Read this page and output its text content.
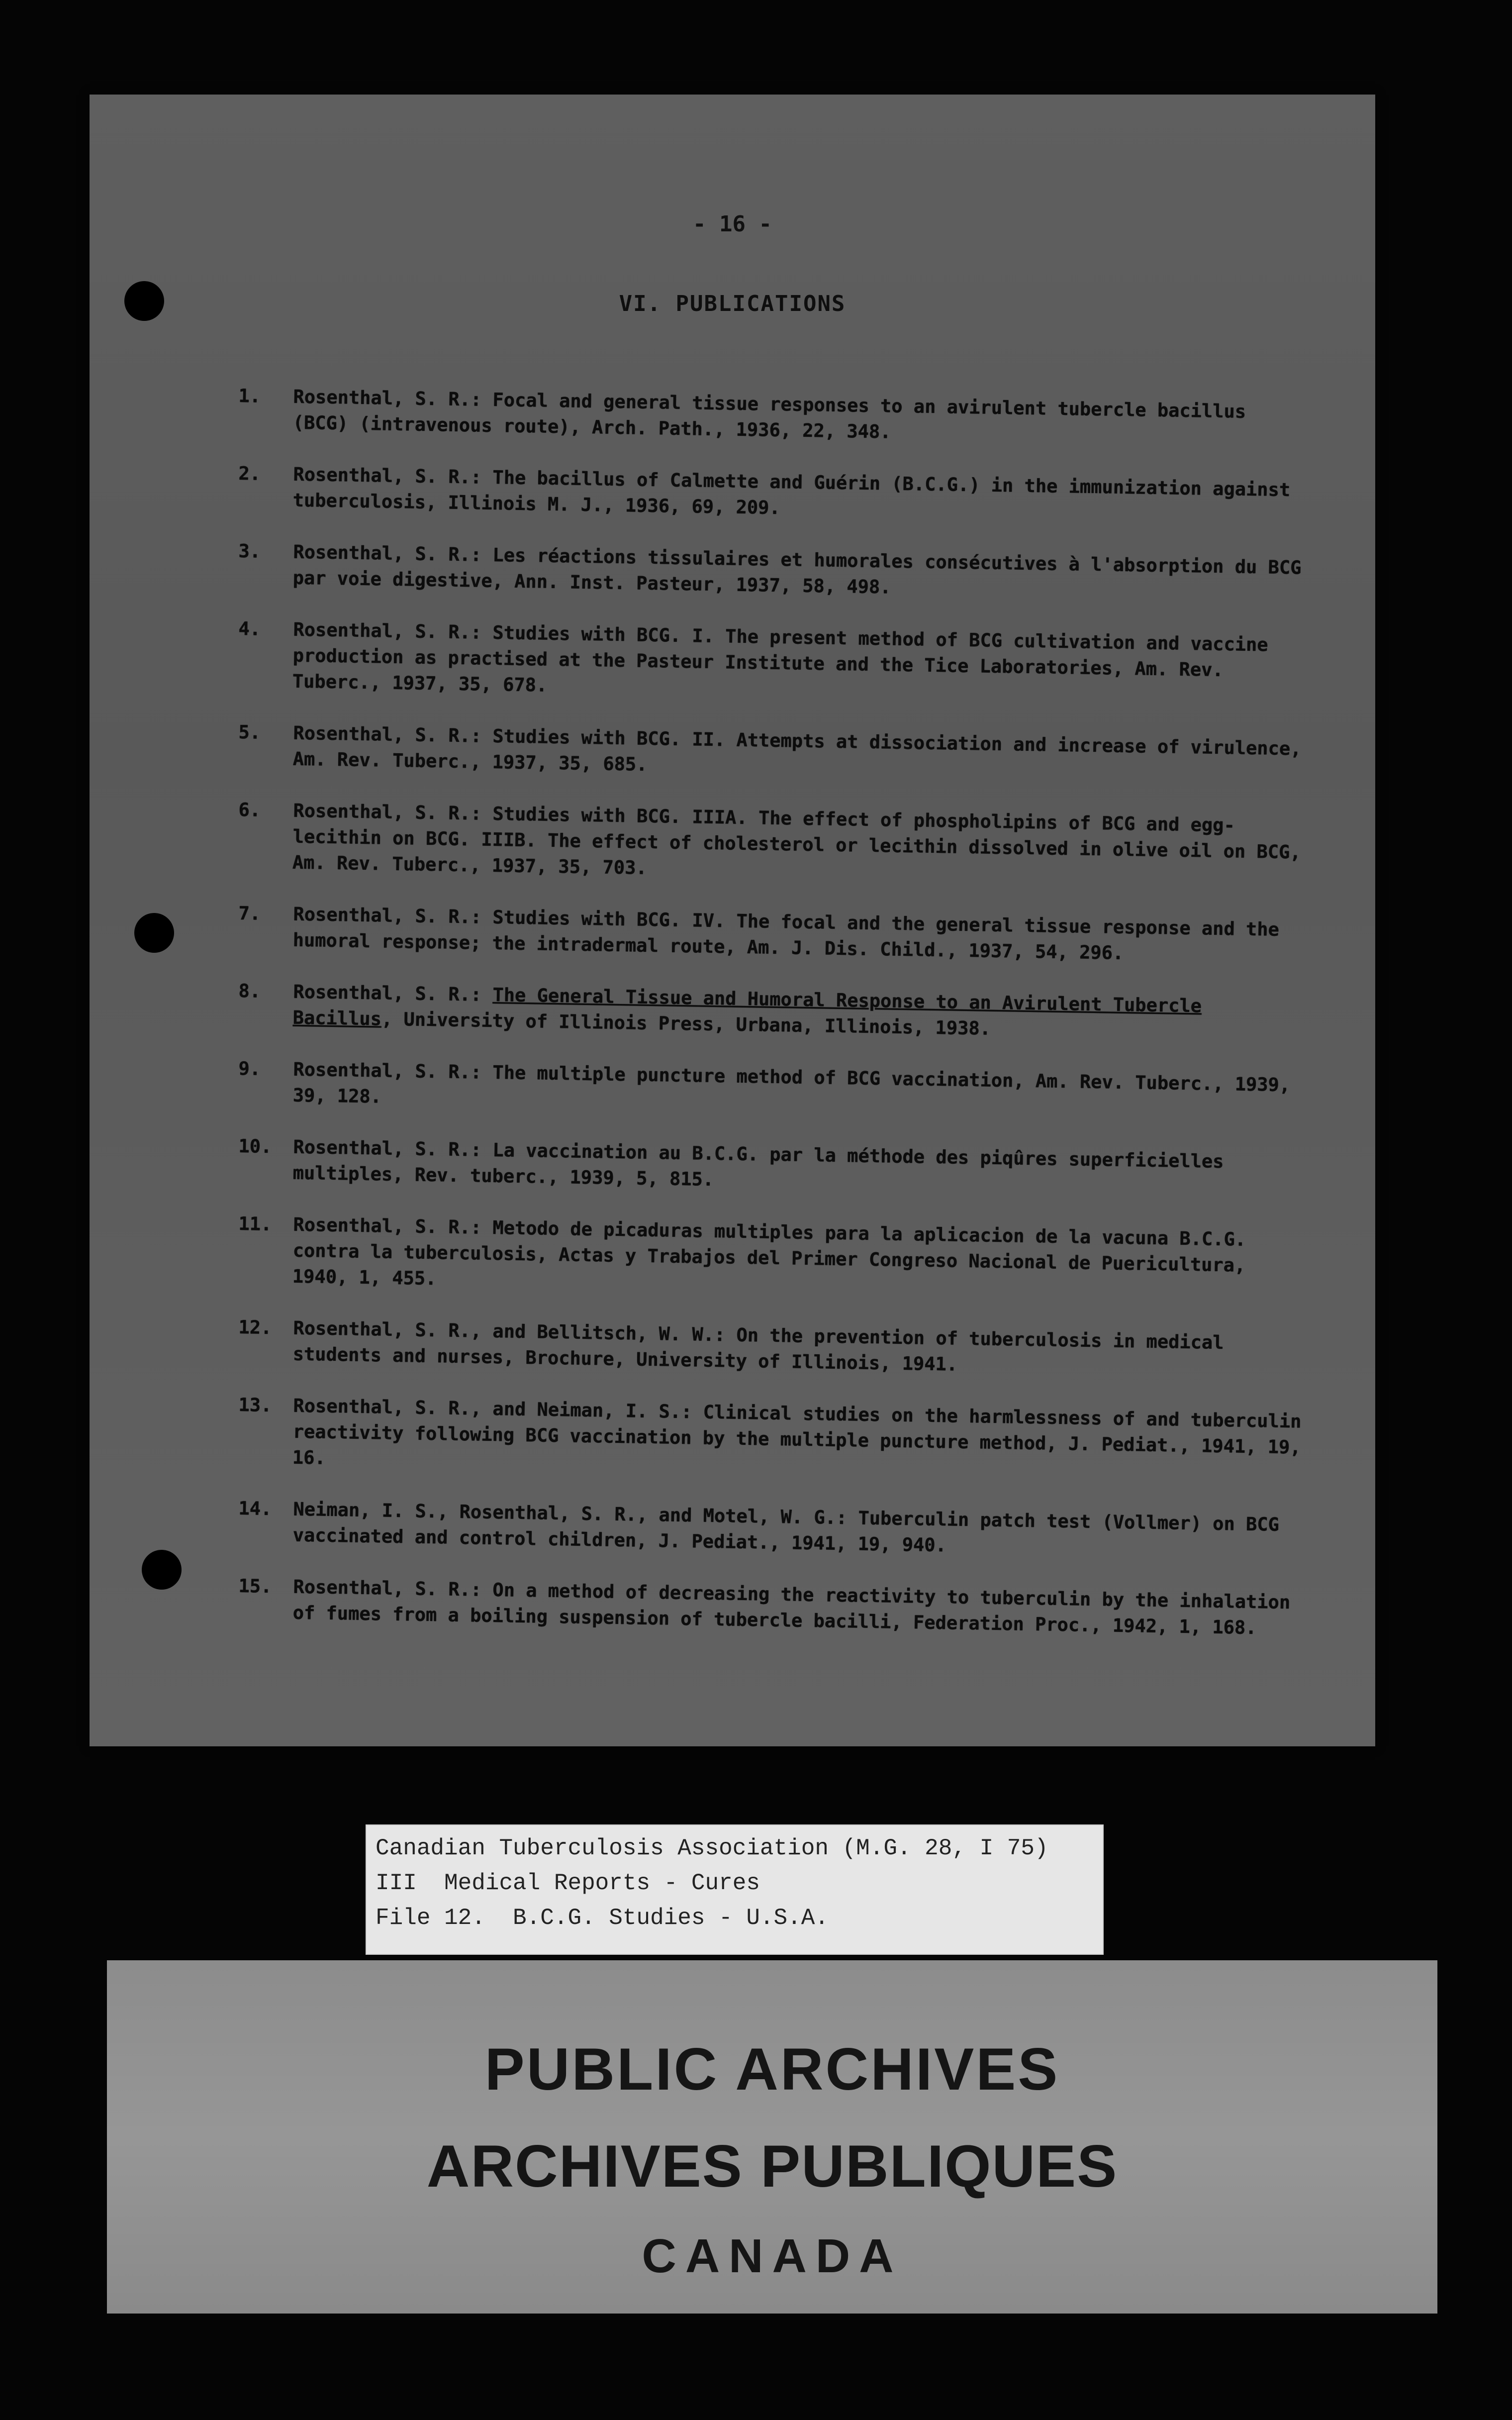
- 16 -
VI. PUBLICATIONS
1.	Rosenthal, S. R.: Focal and general tissue responses to an avirulent tubercle bacillus (BCG) (intravenous route), Arch. Path., 1936, 22, 348.
2.	Rosenthal, S. R.: The bacillus of Calmette and Guérin (B.C.G.) in the immunization against tuberculosis, Illinois M. J., 1936, 69, 209.
3.	Rosenthal, S. R.: Les réactions tissulaires et humorales consécutives à l'absorption du BCG par voie digestive, Ann. Inst. Pasteur, 1937, 58, 498.
4.	Rosenthal, S. R.: Studies with BCG. I. The present method of BCG cultivation and vaccine production as practised at the Pasteur Institute and the Tice Laboratories, Am. Rev. Tuberc., 1937, 35, 678.
5.	Rosenthal, S. R.: Studies with BCG. II. Attempts at dissociation and increase of virulence, Am. Rev. Tuberc., 1937, 35, 685.
6.	Rosenthal, S. R.: Studies with BCG. IIIA. The effect of phospholipins of BCG and egg-lecithin on BCG. IIIB. The effect of cholesterol or lecithin dissolved in olive oil on BCG, Am. Rev. Tuberc., 1937, 35, 703.
7.	Rosenthal, S. R.: Studies with BCG. IV. The focal and the general tissue response and the humoral response; the intradermal route, Am. J. Dis. Child., 1937, 54, 296.
8.	Rosenthal, S. R.: The General Tissue and Humoral Response to an Avirulent Tubercle Bacillus, University of Illinois Press, Urbana, Illinois, 1938.
9.	Rosenthal, S. R.: The multiple puncture method of BCG vaccination, Am. Rev. Tuberc., 1939, 39, 128.
10.	Rosenthal, S. R.: La vaccination au B.C.G. par la méthode des piqûres superficielles multiples, Rev. tuberc., 1939, 5, 815.
11.	Rosenthal, S. R.: Metodo de picaduras multiples para la aplicacion de la vacuna B.C.G. contra la tuberculosis, Actas y Trabajos del Primer Congreso Nacional de Puericultura, 1940, 1, 455.
12.	Rosenthal, S. R., and Bellitsch, W. W.: On the prevention of tuberculosis in medical students and nurses, Brochure, University of Illinois, 1941.
13.	Rosenthal, S. R., and Neiman, I. S.: Clinical studies on the harmlessness of and tuberculin reactivity following BCG vaccination by the multiple puncture method, J. Pediat., 1941, 19, 16.
14.	Neiman, I. S., Rosenthal, S. R., and Motel, W. G.: Tuberculin patch test (Vollmer) on BCG vaccinated and control children, J. Pediat., 1941, 19, 940.
15.	Rosenthal, S. R.: On a method of decreasing the reactivity to tuberculin by the inhalation of fumes from a boiling suspension of tubercle bacilli, Federation Proc., 1942, 1, 168.
Canadian Tuberculosis Association (M.G. 28, I 75)
III  Medical Reports - Cures
File 12.  B.C.G. Studies - U.S.A.
PUBLIC ARCHIVES
ARCHIVES PUBLIQUES
CANADA
